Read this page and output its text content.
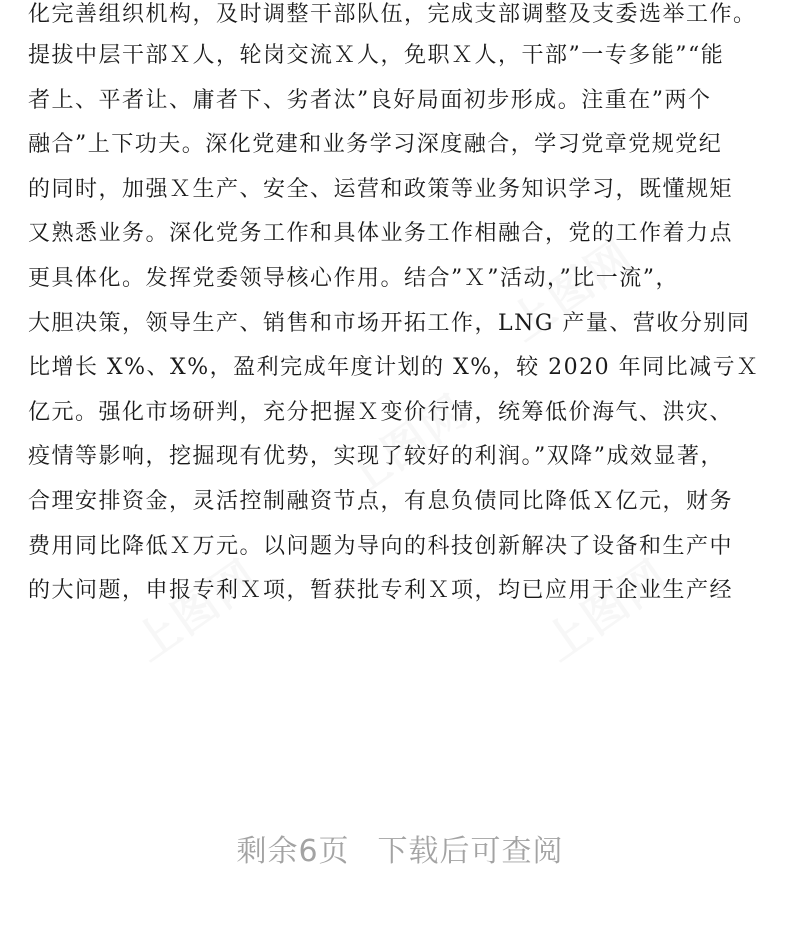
上图网
上图网
上图网	上图网
化完善组织机构，及时调整干部队伍，完成支部调整及支委选举工作。
提拔中层干部Ｘ人，轮岗交流Ｘ人，免职Ｘ人，干部”一专多能”“能
者上、平者让、庸者下、劣者汰”良好局面初步形成。注重在”两个
融合”上下功夫。深化党建和业务学习深度融合，学习党章党规党纪
的同时，加强Ｘ生产、安全、运营和政策等业务知识学习，既懂规矩
又熟悉业务。深化党务工作和具体业务工作相融合，党的工作着力点
更具体化。发挥党委领导核心作用。结合”Ｘ”活动，”比一流”，
大胆决策，领导生产、销售和市场开拓工作，LNG 产量、营收分别同
比增长 X%、X%，盈利完成年度计划的 X%，较 2020 年同比减亏Ｘ
亿元。强化市场研判，充分把握Ｘ变价行情，统筹低价海气、洪灾、
疫情等影响，挖掘现有优势，实现了较好的利润。”双降”成效显著，
合理安排资金，灵活控制融资节点，有息负债同比降低Ｘ亿元，财务
费用同比降低Ｘ万元。以问题为导向的科技创新解决了设备和生产中
的大问题，申报专利Ｘ项，暂获批专利Ｘ项，均已应用于企业生产经
剩余6页 下载后可查阅
